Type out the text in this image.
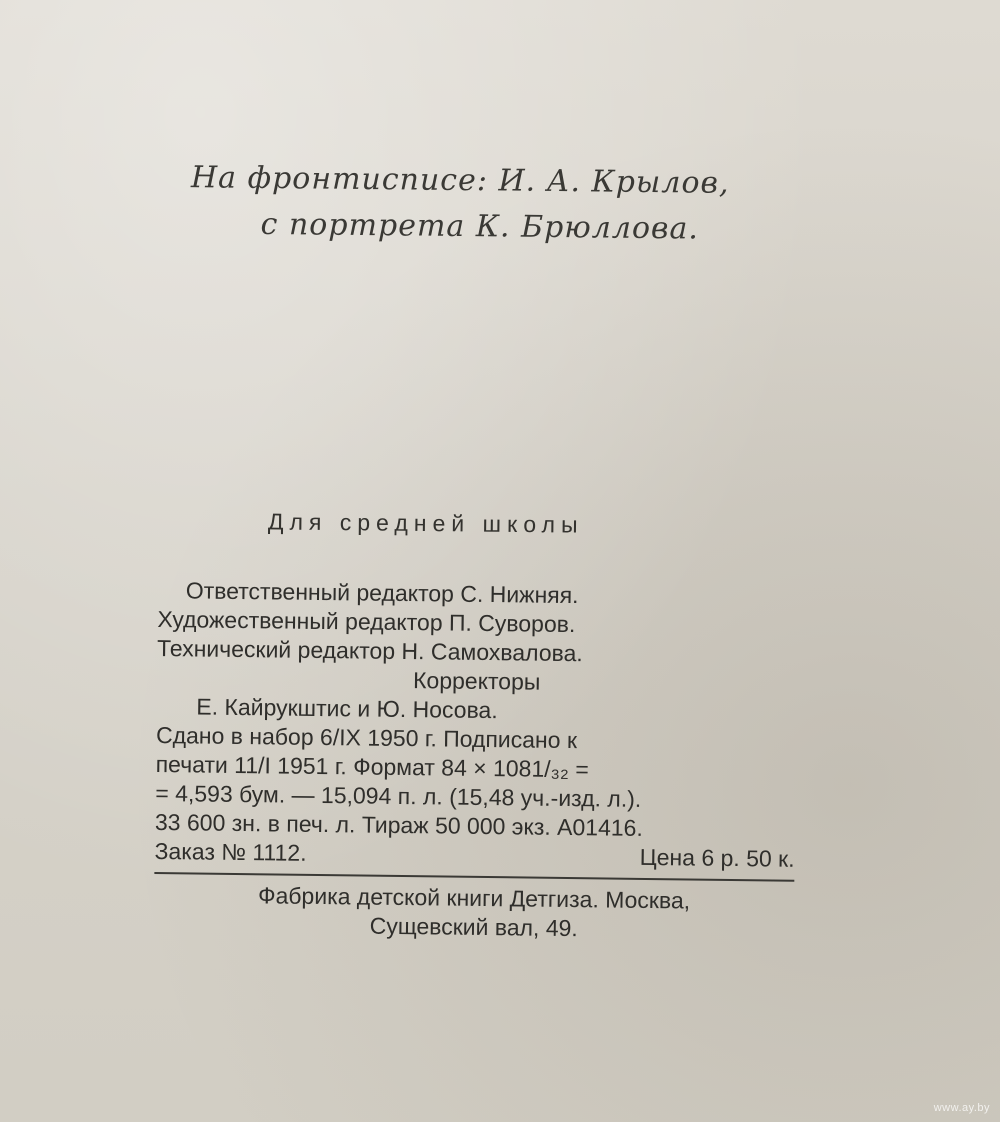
На фронтисписе: И. А. Крылов,
с портрета К. Брюллова.
Для средней школы
Ответственный редактор С. Нижняя.
Художественный редактор П. Суворов.
Технический редактор Н. Самохвалова.
Корректоры
Е. Кайрукштис и Ю. Носова.
Сдано в набор 6/IX 1950 г. Подписано к
печати 11/I 1951 г. Формат 84 × 1081/₃₂ =
= 4,593 бум. — 15,094 п. л. (15,48 уч.-изд. л.).
33 600 зн. в печ. л. Тираж 50 000 экз. А01416.
Заказ № 1112.	Цена 6 р. 50 к.
Фабрика детской книги Детгиза. Москва,
Сущевский вал, 49.
www.ay.by
